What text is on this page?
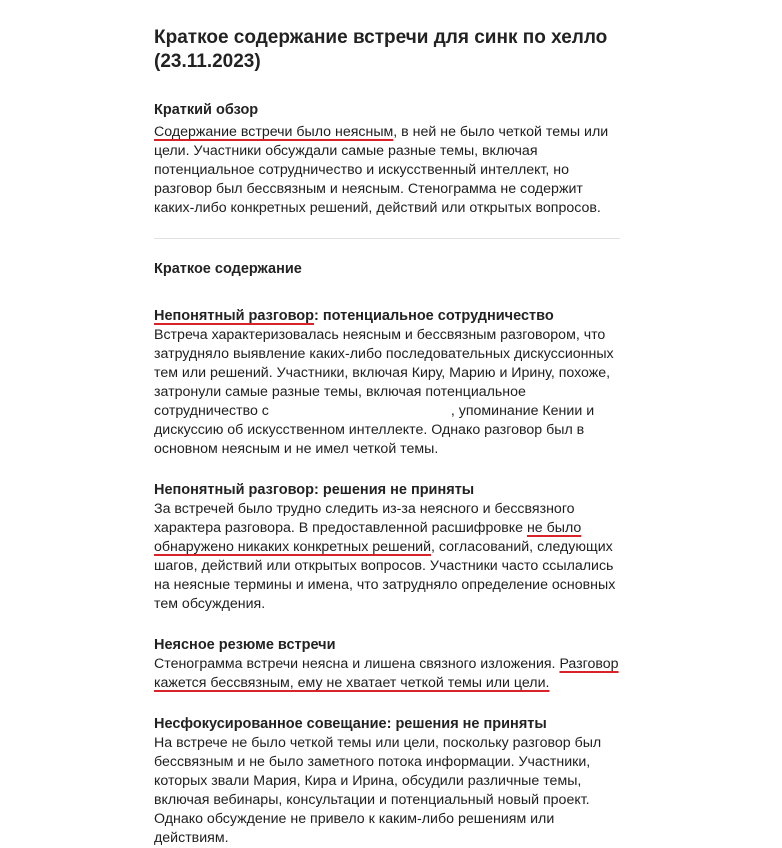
Краткое содержание встречи для синк по хелло
(23.11.2023)
Краткий обзор

Содержание встречи было неясным, в ней не было четкой темы или цели. Участники обсуждали самые разные темы, включая потенциальное сотрудничество и искусственный интеллект, но разговор был бессвязным и неясным. Стенограмма не содержит каких-либо конкретных решений, действий или открытых вопросов.

Краткое содержание
Непонятный разговор: потенциальное сотрудничество

Встреча характеризовалась неясным и бессвязным разговором, что затрудняло выявление каких-либо последовательных дискуссионных тем или решений. Участники, включая Киру, Марию и Ирину, похоже, затронули самые разные темы, включая потенциальное сотрудничество с	, упоминание Кении и дискуссию об искусственном интеллекте. Однако разговор был в основном неясным и не имел четкой темы.

Непонятный разговор: решения не приняты

За встречей было трудно следить из-за неясного и бессвязного характера разговора. В предоставленной расшифровке не было обнаружено никаких конкретных решений, согласований, следующих шагов, действий или открытых вопросов. Участники часто ссылались на неясные термины и имена, что затрудняло определение основных тем обсуждения.

Неясное резюме встречи

Стенограмма встречи неясна и лишена связного изложения. Разговор кажется бессвязным, ему не хватает четкой темы или цели.

Несфокусированное совещание: решения не приняты

На встрече не было четкой темы или цели, поскольку разговор был бессвязным и не было заметного потока информации. Участники, которых звали Мария, Кира и Ирина, обсудили различные темы, включая вебинары, консультации и потенциальный новый проект. Однако обсуждение не привело к каким-либо решениям или действиям.
